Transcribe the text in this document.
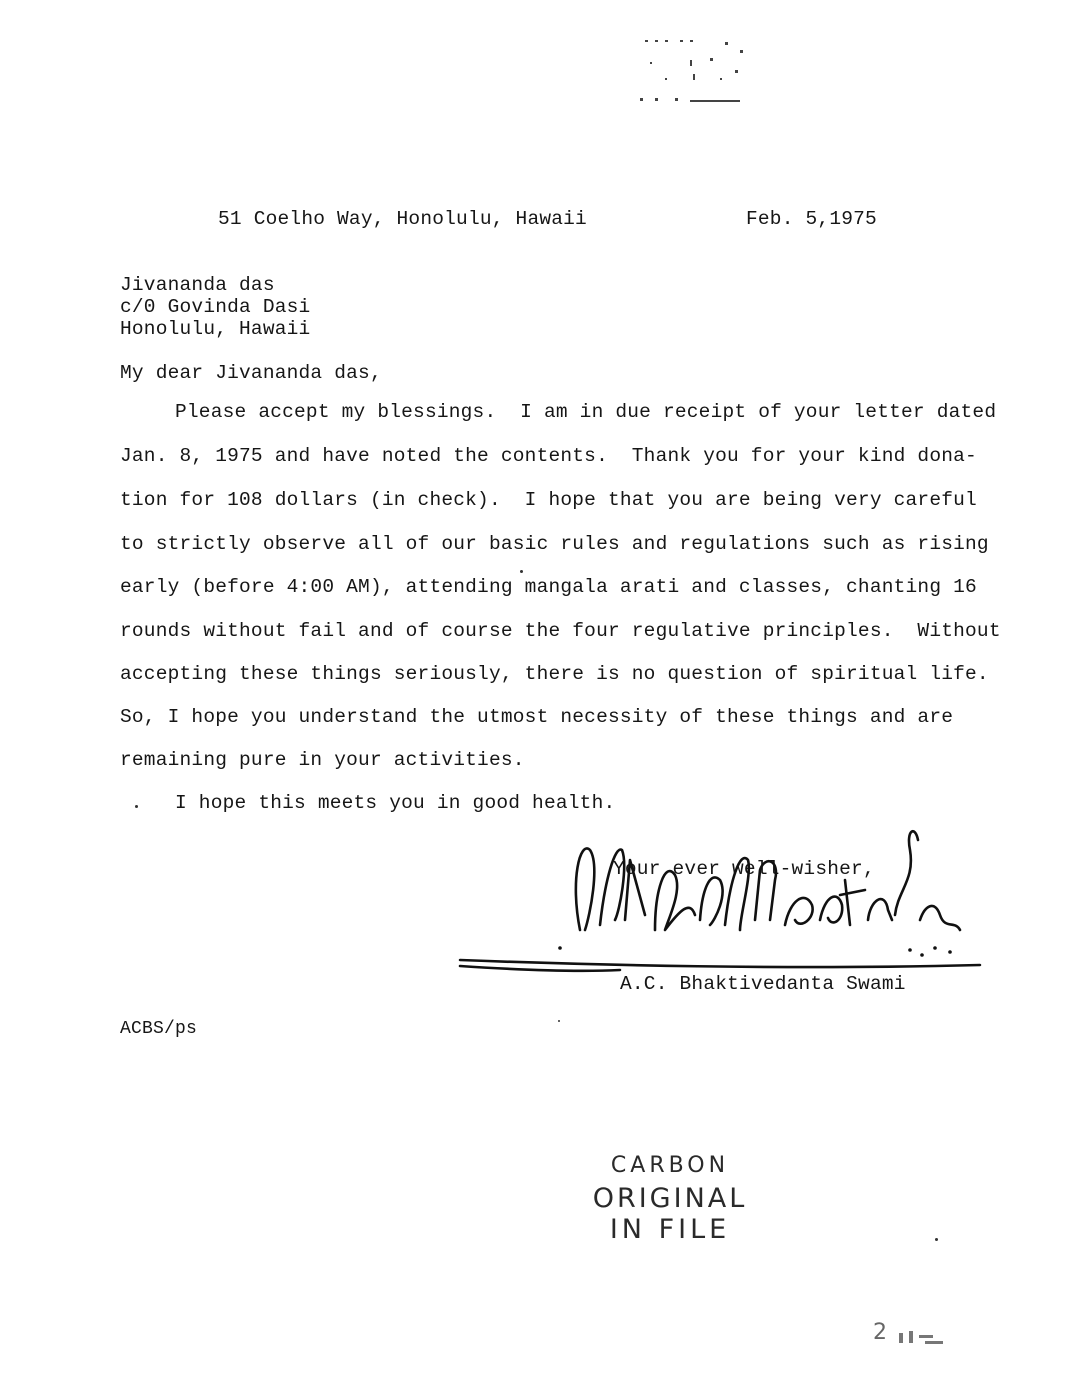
51 Coelho Way, Honolulu, Hawaii	Feb. 5,1975
Jivananda das
c/0 Govinda Dasi
Honolulu, Hawaii
My dear Jivananda das,
Please accept my blessings.  I am in due receipt of your letter dated
Jan. 8, 1975 and have noted the contents.  Thank you for your kind dona-
tion for 108 dollars (in check).  I hope that you are being very careful
to strictly observe all of our basic rules and regulations such as rising
early (before 4:00 AM), attending mangala arati and classes, chanting 16
rounds without fail and of course the four regulative principles.  Without
accepting these things seriously, there is no question of spiritual life.
So, I hope you understand the utmost necessity of these things and are
remaining pure in your activities.
I hope this meets you in good health.
Your ever well-wisher,
A.C. Bhaktivedanta Swami
ACBS/ps
CARBON
ORIGINAL
IN FILE
2
